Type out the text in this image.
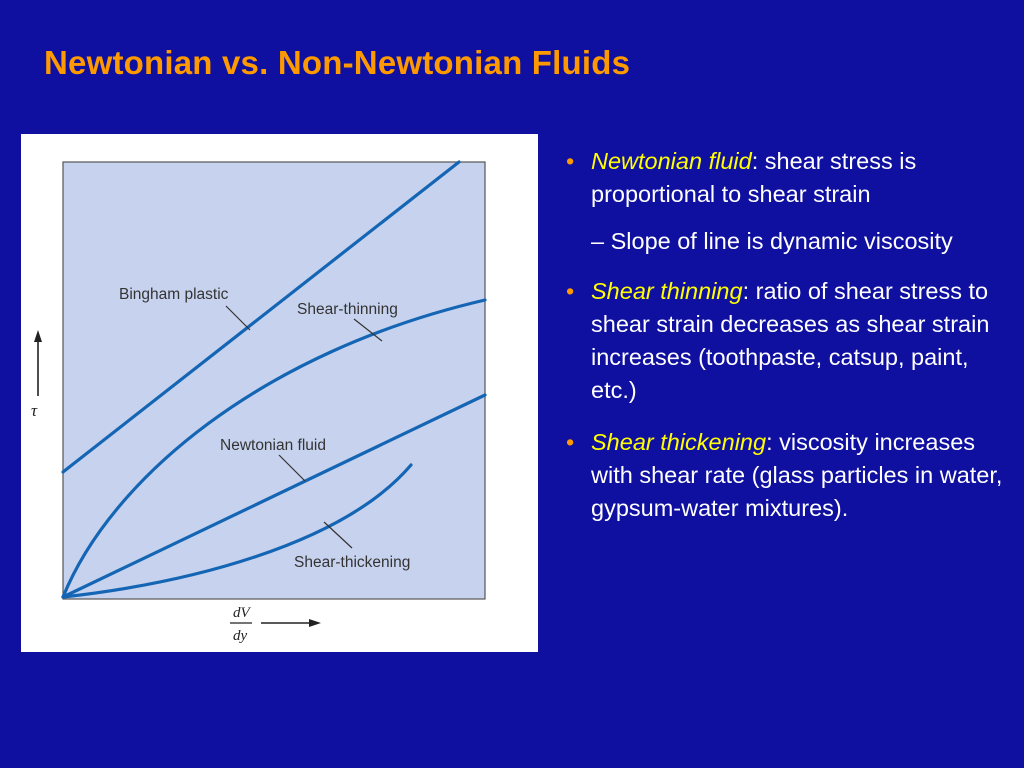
Newtonian vs. Non-Newtonian Fluids
Bingham plastic
Shear-thinning
Newtonian fluid
Shear-thickening
τ
dV
dy
• Newtonian fluid: shear stress is proportional to shear strain
– Slope of line is dynamic viscosity
• Shear thinning: ratio of shear stress to shear strain decreases as shear strain increases (toothpaste, catsup, paint, etc.)
• Shear thickening: viscosity increases with shear rate (glass particles in water, gypsum-water mixtures).
